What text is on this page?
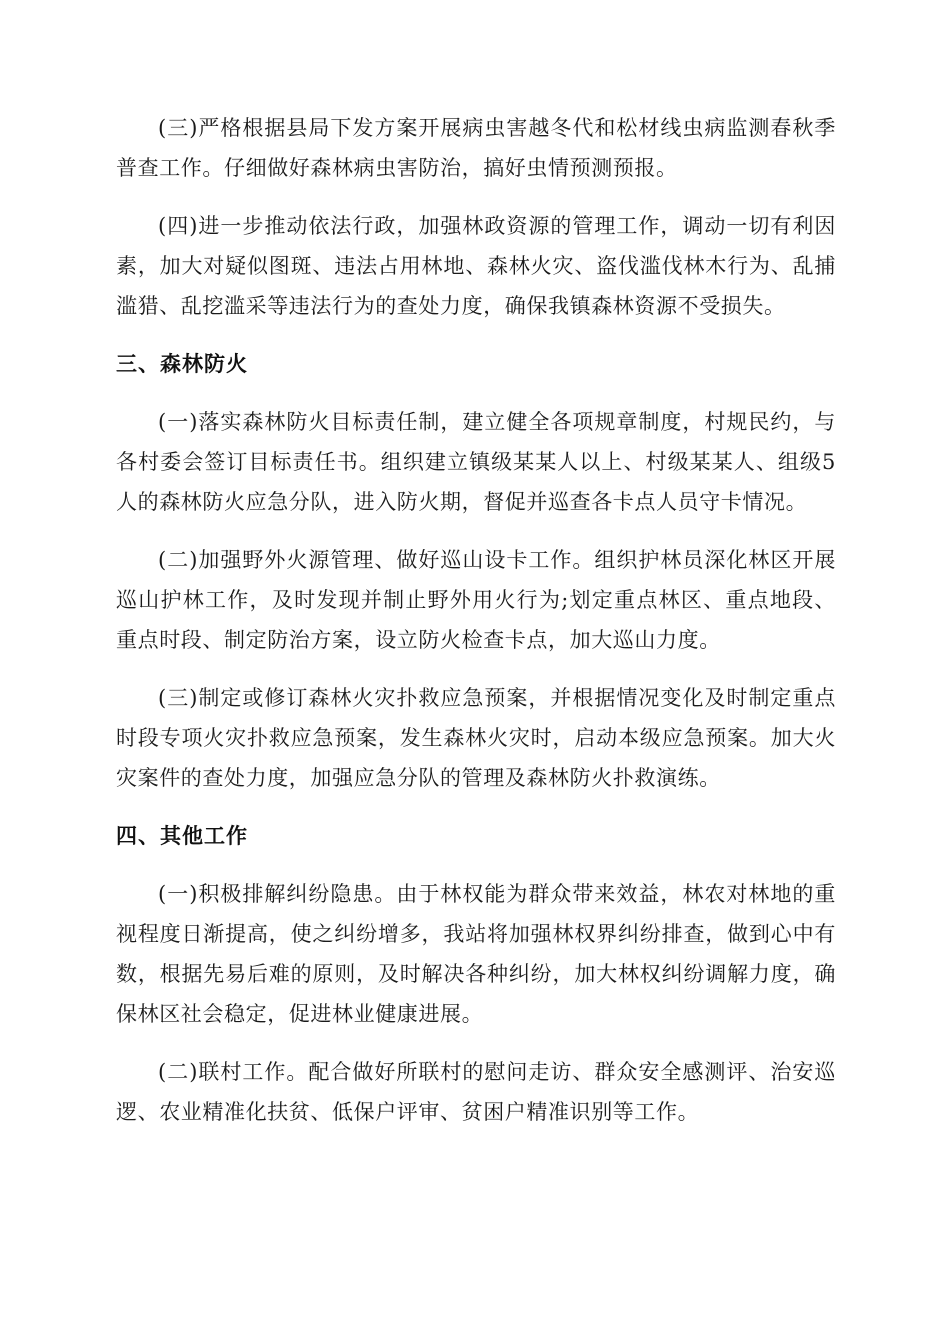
(三)严格根据县局下发方案开展病虫害越冬代和松材线虫病监测春秋季普查工作。仔细做好森林病虫害防治，搞好虫情预测预报。

(四)进一步推动依法行政，加强林政资源的管理工作，调动一切有利因素，加大对疑似图斑、违法占用林地、森林火灾、盗伐滥伐林木行为、乱捕滥猎、乱挖滥采等违法行为的查处力度，确保我镇森林资源不受损失。

三、森林防火

(一)落实森林防火目标责任制，建立健全各项规章制度，村规民约，与各村委会签订目标责任书。组织建立镇级某某人以上、村级某某人、组级5人的森林防火应急分队，进入防火期，督促并巡查各卡点人员守卡情况。

(二)加强野外火源管理、做好巡山设卡工作。组织护林员深化林区开展巡山护林工作，及时发现并制止野外用火行为;划定重点林区、重点地段、重点时段、制定防治方案，设立防火检查卡点，加大巡山力度。

(三)制定或修订森林火灾扑救应急预案，并根据情况变化及时制定重点时段专项火灾扑救应急预案，发生森林火灾时，启动本级应急预案。加大火灾案件的查处力度，加强应急分队的管理及森林防火扑救演练。

四、其他工作

(一)积极排解纠纷隐患。由于林权能为群众带来效益，林农对林地的重视程度日渐提高，使之纠纷增多，我站将加强林权界纠纷排查，做到心中有数，根据先易后难的原则，及时解决各种纠纷，加大林权纠纷调解力度，确保林区社会稳定，促进林业健康进展。

(二)联村工作。配合做好所联村的慰问走访、群众安全感测评、治安巡逻、农业精准化扶贫、低保户评审、贫困户精准识别等工作。
